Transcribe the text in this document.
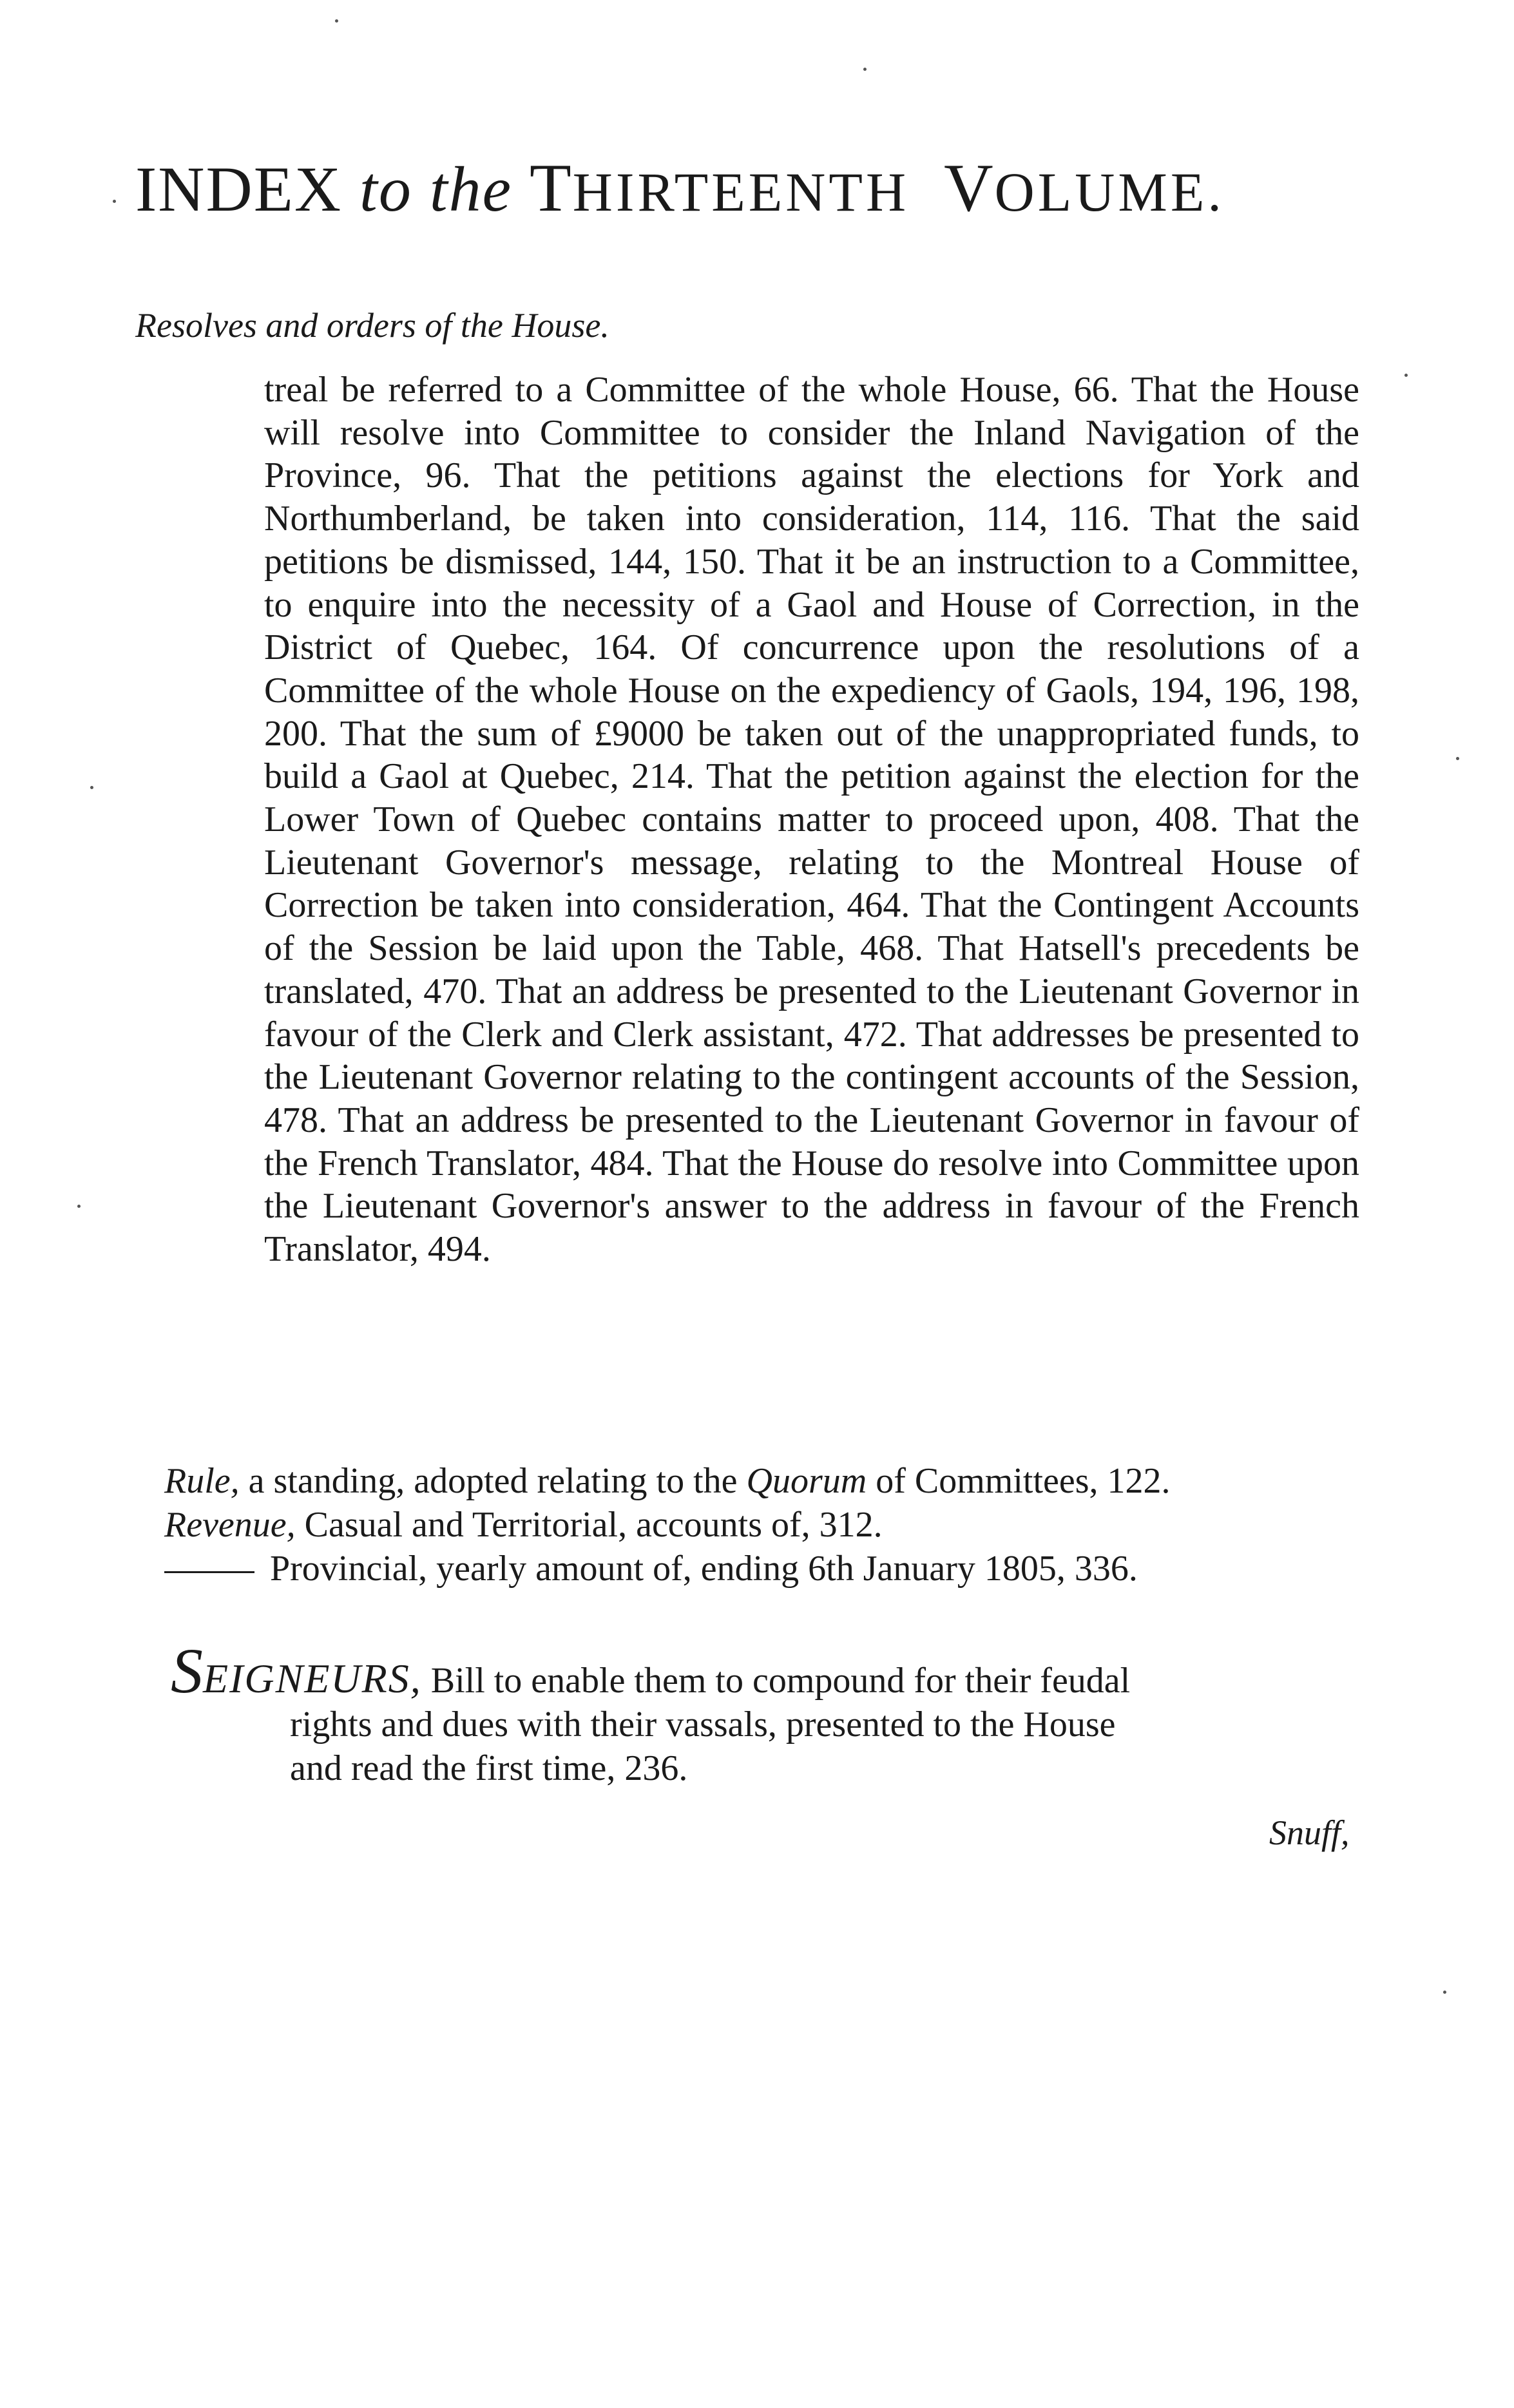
INDEX to the THIRTEENTH VOLUME.
Resolves and orders of the House.

treal be referred to a Committee of the whole House, 66. That the House will resolve into Committee to consider the Inland Navigation of the Province, 96. That the petitions against the elections for York and Northumberland, be taken into consideration, 114, 116. That the said petitions be dismissed, 144, 150. That it be an instruction to a Committee, to enquire into the necessity of a Gaol and House of Correction, in the District of Quebec, 164. Of concurrence upon the resolutions of a Committee of the whole House on the expediency of Gaols, 194, 196, 198, 200. That the sum of £9000 be taken out of the unappropriated funds, to build a Gaol at Quebec, 214. That the petition against the election for the Lower Town of Quebec contains matter to proceed upon, 408. That the Lieutenant Governor's message, relating to the Montreal House of Correction be taken into consideration, 464. That the Contingent Accounts of the Session be laid upon the Table, 468. That Hatsell's precedents be translated, 470. That an address be presented to the Lieutenant Governor in favour of the Clerk and Clerk assistant, 472. That addresses be presented to the Lieutenant Governor relating to the contingent accounts of the Session, 478. That an address be presented to the Lieutenant Governor in favour of the French Translator, 484. That the House do resolve into Committee upon the Lieutenant Governor's answer to the address in favour of the French Translator, 494.

Rule, a standing, adopted relating to the Quorum of Committees, 122.

Revenue, Casual and Territorial, accounts of, 312.

Provincial, yearly amount of, ending 6th January 1805, 336.

SEIGNEURS, Bill to enable them to compound for their feudal
rights and dues with their vassals, presented to the House
and read the first time, 236.
Snuff,
